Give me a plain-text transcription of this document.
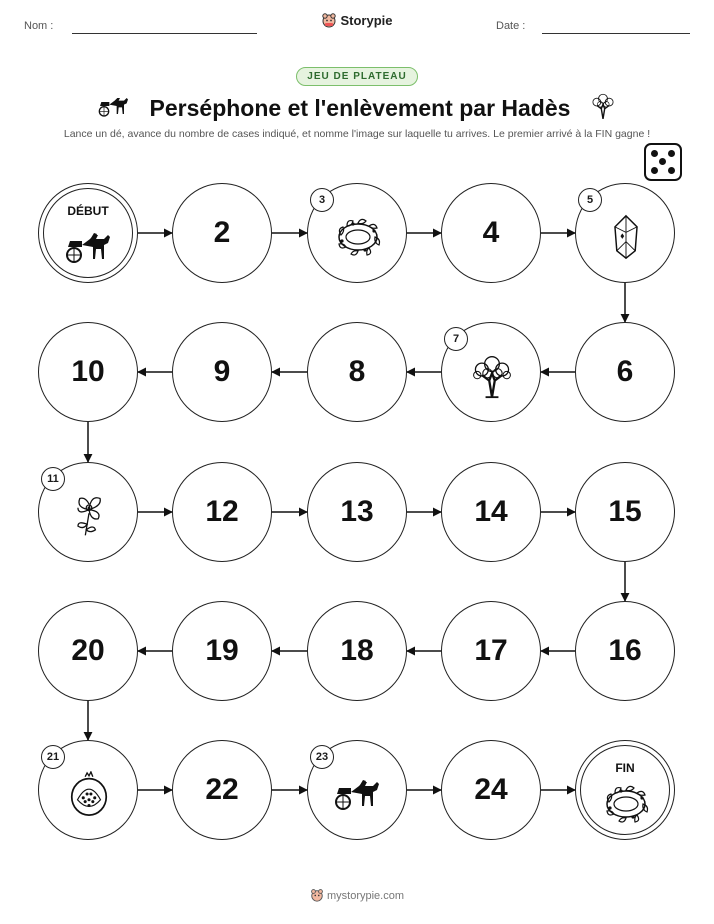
Nom :	Storypie	Date :
JEU DE PLATEAU
Perséphone et l'enlèvement par Hadès
Lance un dé, avance du nombre de cases indiqué, et nomme l'image sur laquelle tu arrives. Le premier arrivé à la FIN gagne !
DÉBUT
2
3
4
5
6
7
8
9
10
11
12	13	14	15
16
17
18
19
20
21
22
23
24
FIN
mystorypie.com
